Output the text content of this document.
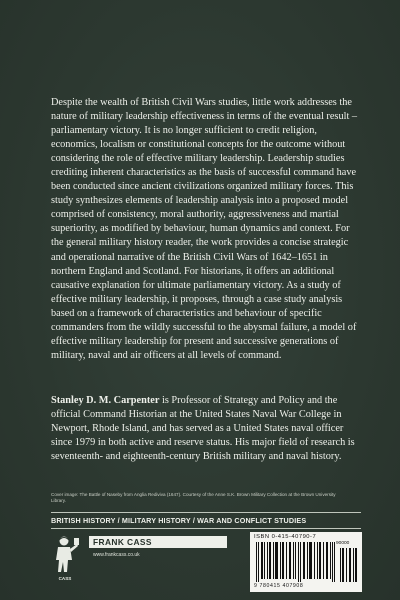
Despite the wealth of British Civil Wars studies, little work addresses the nature of military leadership effectiveness in terms of the eventual result – parliamentary victory. It is no longer sufficient to credit religion, economics, localism or constitutional concepts for the outcome without considering the role of effective military leadership. Leadership studies crediting inherent characteristics as the basis of successful command have been conducted since ancient civilizations organized military forces. This study synthesizes elements of leadership analysis into a proposed model comprised of consistency, moral authority, aggressiveness and martial superiority, as modified by behaviour, human dynamics and context. For the general military history reader, the work provides a concise strategic and operational narrative of the British Civil Wars of 1642–1651 in northern England and Scotland. For historians, it offers an additional causative explanation for ultimate parliamentary victory. As a study of effective military leadership, it proposes, through a case study analysis based on a framework of characteristics and behaviour of specific commanders from the wildly successful to the abysmal failure, a model of effective military leadership for present and successive generations of military, naval and air officers at all levels of command.

Stanley D. M. Carpenter is Professor of Strategy and Policy and the official Command Historian at the United States Naval War College in Newport, Rhode Island, and has served as a United States naval officer since 1979 in both active and reserve status. His major field of research is seventeenth- and eighteenth-century British military and naval history.

Cover image: The Battle of Naseby from Anglia Rediviva (1647). Courtesy of the Anne S.K. Brown Military Collection at the Brown University Library.

BRITISH HISTORY / MILITARY HISTORY / WAR AND CONFLICT STUDIES
CASS
FRANK CASS
www.frankcass.co.uk
ISBN 0-415-40790-7
90000
9 780415 407908
